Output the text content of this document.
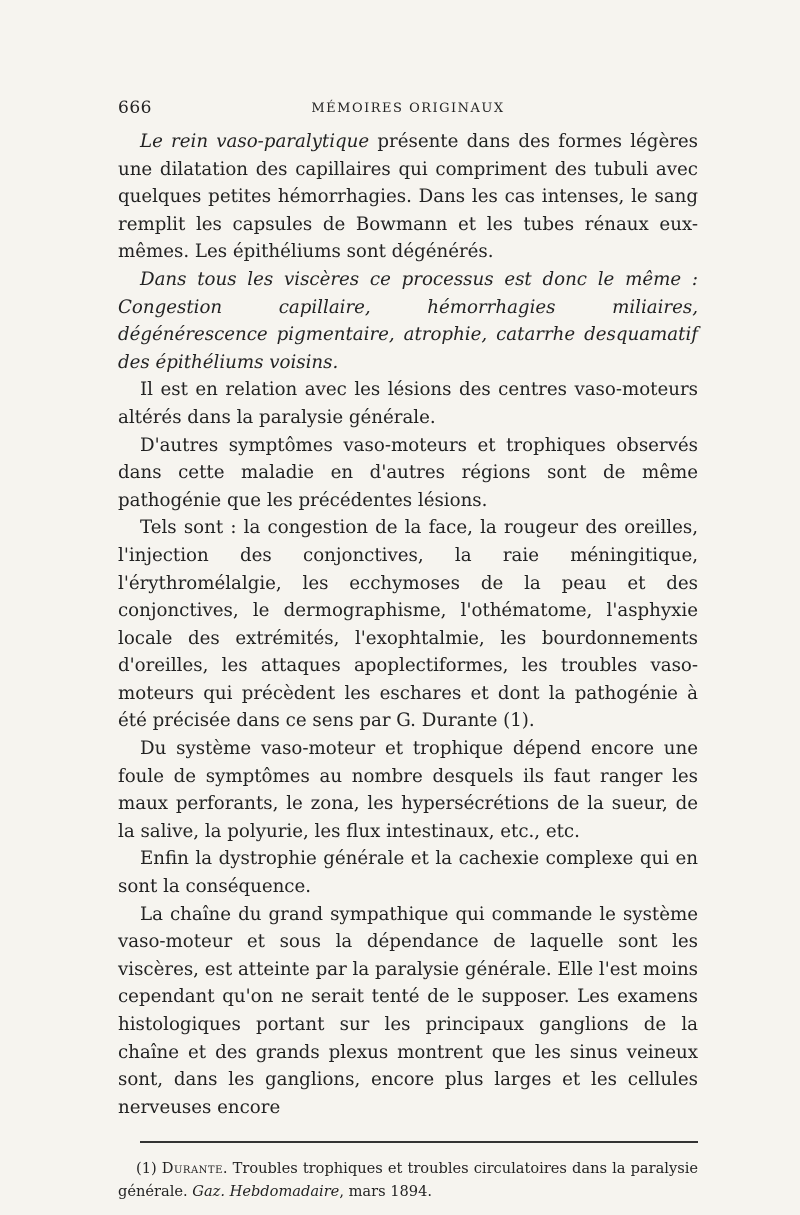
666	MÉMOIRES ORIGINAUX

Le rein vaso-paralytique présente dans des formes légères une dilatation des capillaires qui compriment des tubuli avec quelques petites hémorrhagies. Dans les cas intenses, le sang remplit les capsules de Bowmann et les tubes rénaux eux-mêmes. Les épithéliums sont dégénérés.

Dans tous les viscères ce processus est donc le même : Congestion capillaire, hémorrhagies miliaires, dégénérescence pigmentaire, atrophie, catarrhe desquamatif des épithéliums voisins.

Il est en relation avec les lésions des centres vaso-moteurs altérés dans la paralysie générale.

D'autres symptômes vaso-moteurs et trophiques observés dans cette maladie en d'autres régions sont de même pathogénie que les précédentes lésions.

Tels sont : la congestion de la face, la rougeur des oreilles, l'injection des conjonctives, la raie méningitique, l'érythromélalgie, les ecchymoses de la peau et des conjonctives, le dermographisme, l'othématome, l'asphyxie locale des extrémités, l'exophtalmie, les bourdonnements d'oreilles, les attaques apoplectiformes, les troubles vaso-moteurs qui précèdent les eschares et dont la pathogénie à été précisée dans ce sens par G. Durante (1).

Du système vaso-moteur et trophique dépend encore une foule de symptômes au nombre desquels ils faut ranger les maux perforants, le zona, les hypersécrétions de la sueur, de la salive, la polyurie, les flux intestinaux, etc., etc.

Enfin la dystrophie générale et la cachexie complexe qui en sont la conséquence.

La chaîne du grand sympathique qui commande le système vaso-moteur et sous la dépendance de laquelle sont les viscères, est atteinte par la paralysie générale. Elle l'est moins cependant qu'on ne serait tenté de le supposer. Les examens histologiques portant sur les principaux ganglions de la chaîne et des grands plexus montrent que les sinus veineux sont, dans les ganglions, encore plus larges et les cellules nerveuses encore

(1) Durante. Troubles trophiques et troubles circulatoires dans la paralysie générale. Gaz. Hebdomadaire, mars 1894.
